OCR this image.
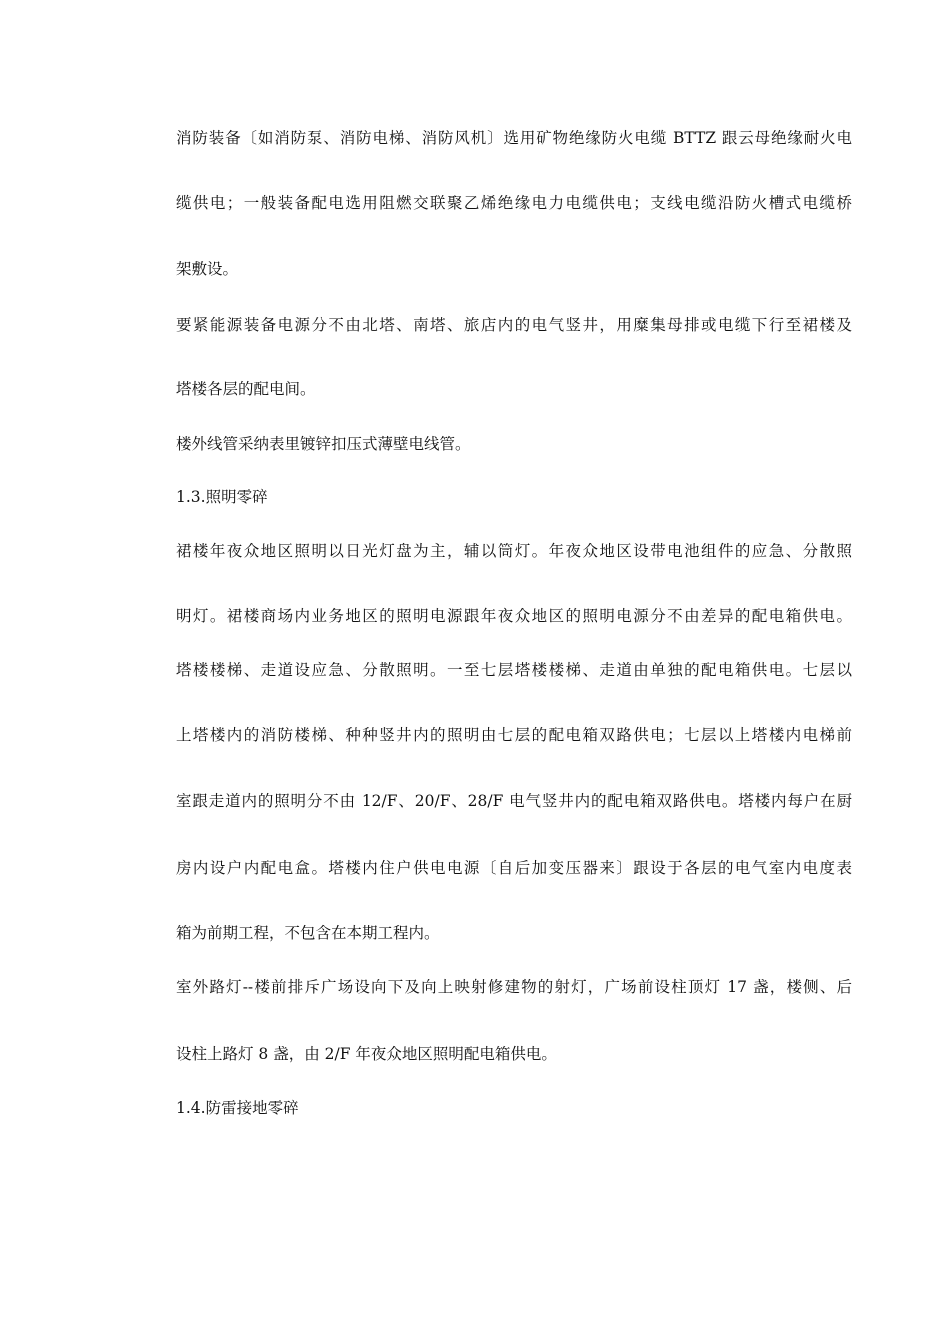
消防装备〔如消防泵、消防电梯、消防风机〕选用矿物绝缘防火电缆 BTTZ 跟云母绝缘耐火电

缆供电；一般装备配电选用阻燃交联聚乙烯绝缘电力电缆供电；支线电缆沿防火槽式电缆桥

架敷设。

要紧能源装备电源分不由北塔、南塔、旅店内的电气竖井，用糜集母排或电缆下行至裙楼及

塔楼各层的配电间。

楼外线管采纳表里镀锌扣压式薄壁电线管。

1.3.照明零碎

裙楼年夜众地区照明以日光灯盘为主，辅以筒灯。年夜众地区设带电池组件的应急、分散照

明灯。裙楼商场内业务地区的照明电源跟年夜众地区的照明电源分不由差异的配电箱供电。

塔楼楼梯、走道设应急、分散照明。一至七层塔楼楼梯、走道由单独的配电箱供电。七层以

上塔楼内的消防楼梯、种种竖井内的照明由七层的配电箱双路供电；七层以上塔楼内电梯前

室跟走道内的照明分不由 12/F、20/F、28/F 电气竖井内的配电箱双路供电。塔楼内每户在厨

房内设户内配电盒。塔楼内住户供电电源〔自后加变压器来〕跟设于各层的电气室内电度表

箱为前期工程，不包含在本期工程内。

室外路灯--楼前排斥广场设向下及向上映射修建物的射灯，广场前设柱顶灯 17 盏，楼侧、后

设柱上路灯 8 盏，由 2/F 年夜众地区照明配电箱供电。

1.4.防雷接地零碎
